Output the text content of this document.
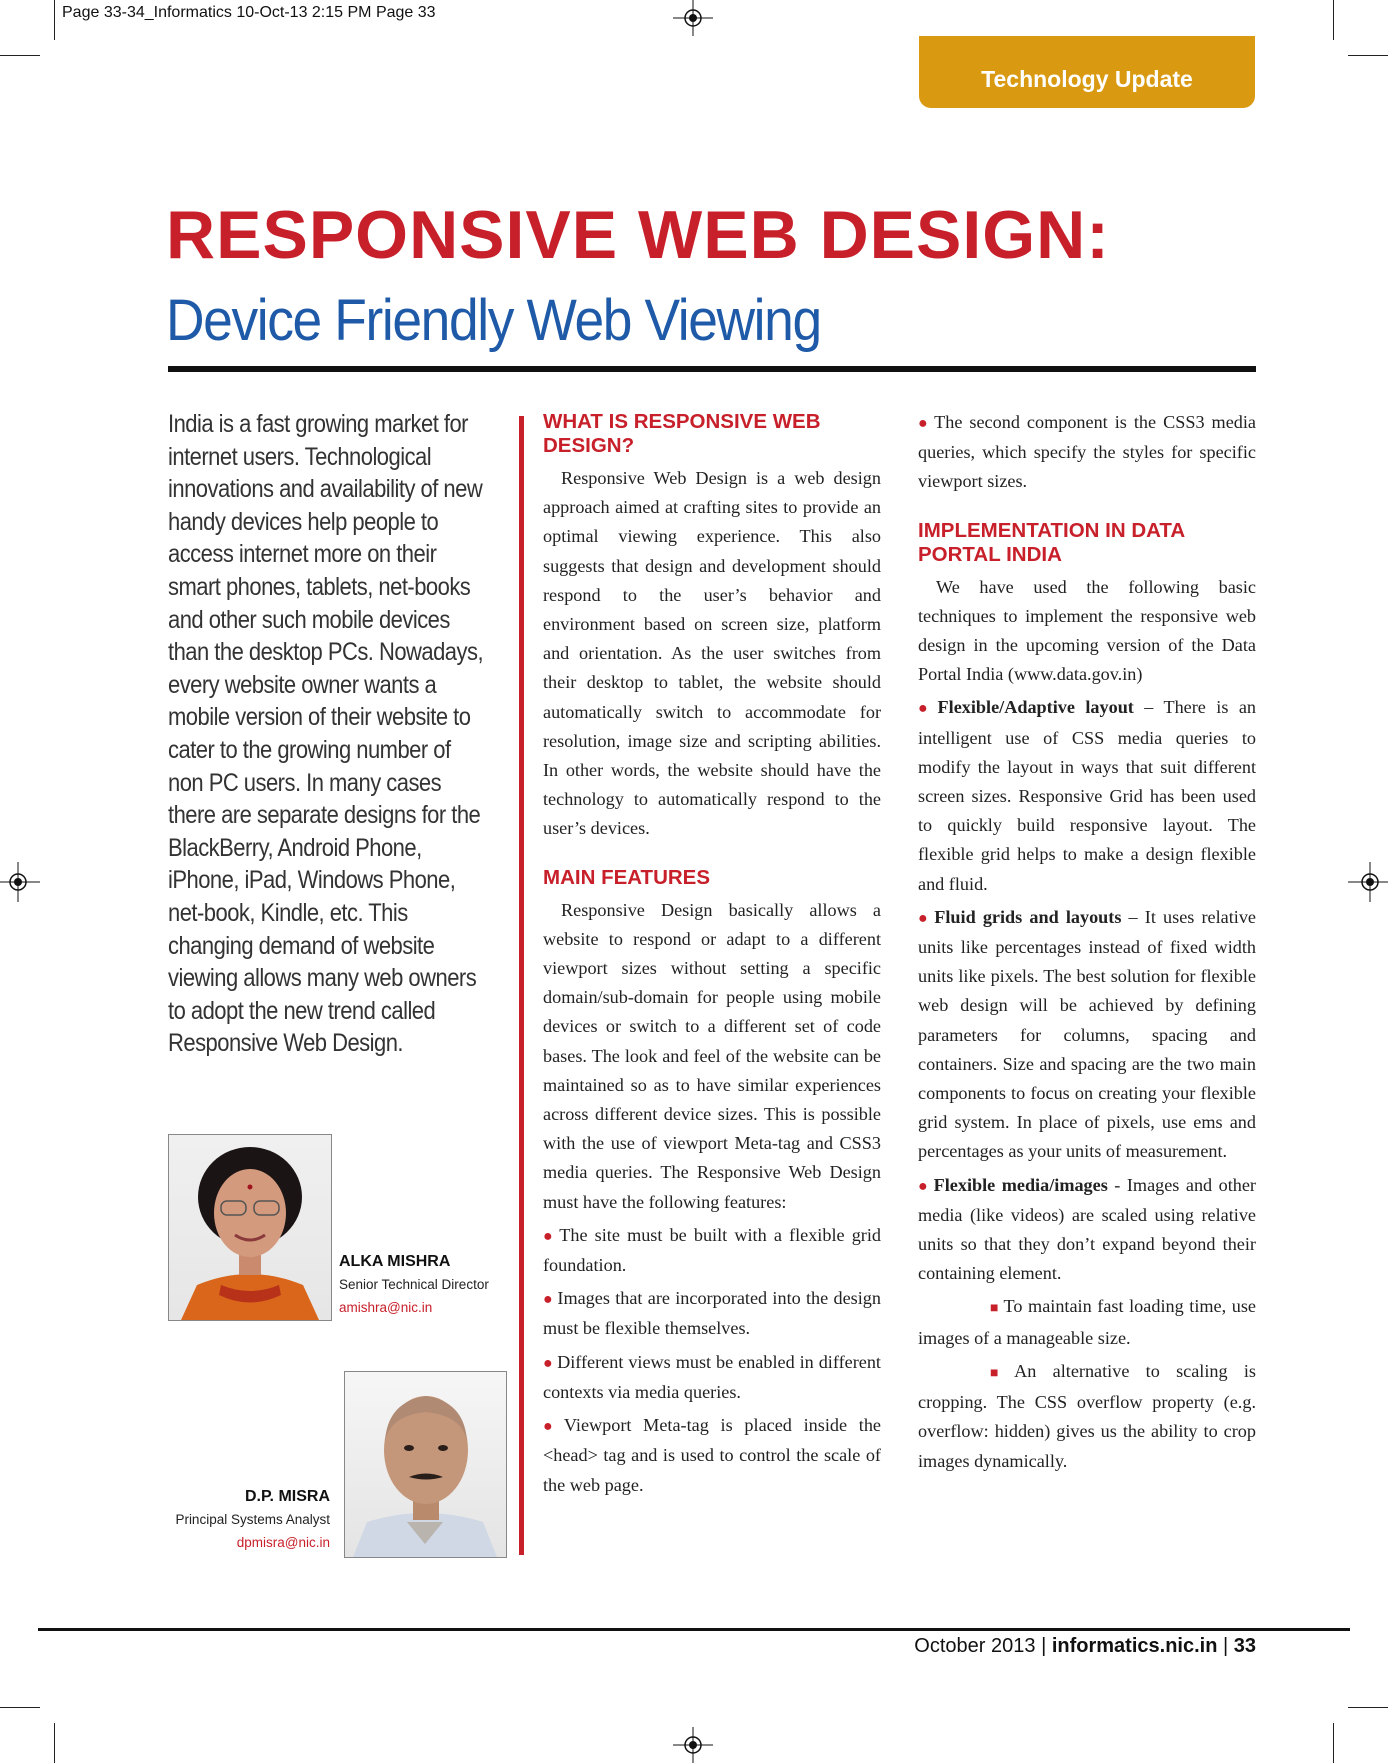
Page 33-34_Informatics 10-Oct-13 2:15 PM Page 33
Technology Update
RESPONSIVE WEB DESIGN:
Device Friendly Web Viewing
India is a fast growing market for internet users. Technological innovations and availability of new handy devices help people to access internet more on their smart phones, tablets, net-books and other such mobile devices than the desktop PCs. Nowadays, every website owner wants a mobile version of their website to cater to the growing number of non PC users. In many cases there are separate designs for the BlackBerry, Android Phone, iPhone, iPad, Windows Phone, net-book, Kindle, etc. This changing demand of website viewing allows many web owners to adopt the new trend called Responsive Web Design.
ALKA MISHRA
Senior Technical Director
amishra@nic.in
D.P. MISRA
Principal Systems Analyst
dpmisra@nic.in
WHAT IS RESPONSIVE WEB DESIGN?

Responsive Web Design is a web design approach aimed at crafting sites to provide an optimal viewing experience. This also suggests that design and development should respond to the user’s behavior and environment based on screen size, platform and orientation. As the user switches from their desktop to tablet, the website should automatically switch to accommodate for resolution, image size and scripting abilities. In other words, the website should have the technology to automatically respond to the user’s devices.

MAIN FEATURES

Responsive Design basically allows a website to respond or adapt to a different viewport sizes without setting a specific domain/sub-domain for people using mobile devices or switch to a different set of code bases. The look and feel of the website can be maintained so as to have similar experiences across different device sizes. This is possible with the use of viewport Meta-tag and CSS3 media queries. The Responsive Web Design must have the following features:

● The site must be built with a flexible grid foundation.

● Images that are incorporated into the design must be flexible themselves.

● Different views must be enabled in different contexts via media queries.

● Viewport Meta-tag is placed inside the <head> tag and is used to control the scale of the web page.

● The second component is the CSS3 media queries, which specify the styles for specific viewport sizes.

IMPLEMENTATION IN DATA PORTAL INDIA

We have used the following basic techniques to implement the responsive web design in the upcoming version of the Data Portal India (www.data.gov.in)

● Flexible/Adaptive layout – There is an intelligent use of CSS media queries to modify the layout in ways that suit different screen sizes. Responsive Grid has been used to quickly build responsive layout. The flexible grid helps to make a design flexible and fluid.

● Fluid grids and layouts – It uses relative units like percentages instead of fixed width units like pixels. The best solution for flexible web design will be achieved by defining parameters for columns, spacing and containers. Size and spacing are the two main components to focus on creating your flexible grid system. In place of pixels, use ems and percentages as your units of measurement.

● Flexible media/images - Images and other media (like videos) are scaled using relative units so that they don’t expand beyond their containing element.

■ To maintain fast loading time, use images of a manageable size.

■ An alternative to scaling is cropping. The CSS overflow property (e.g. overflow: hidden) gives us the ability to crop images dynamically.

October 2013 | informatics.nic.in | 33
